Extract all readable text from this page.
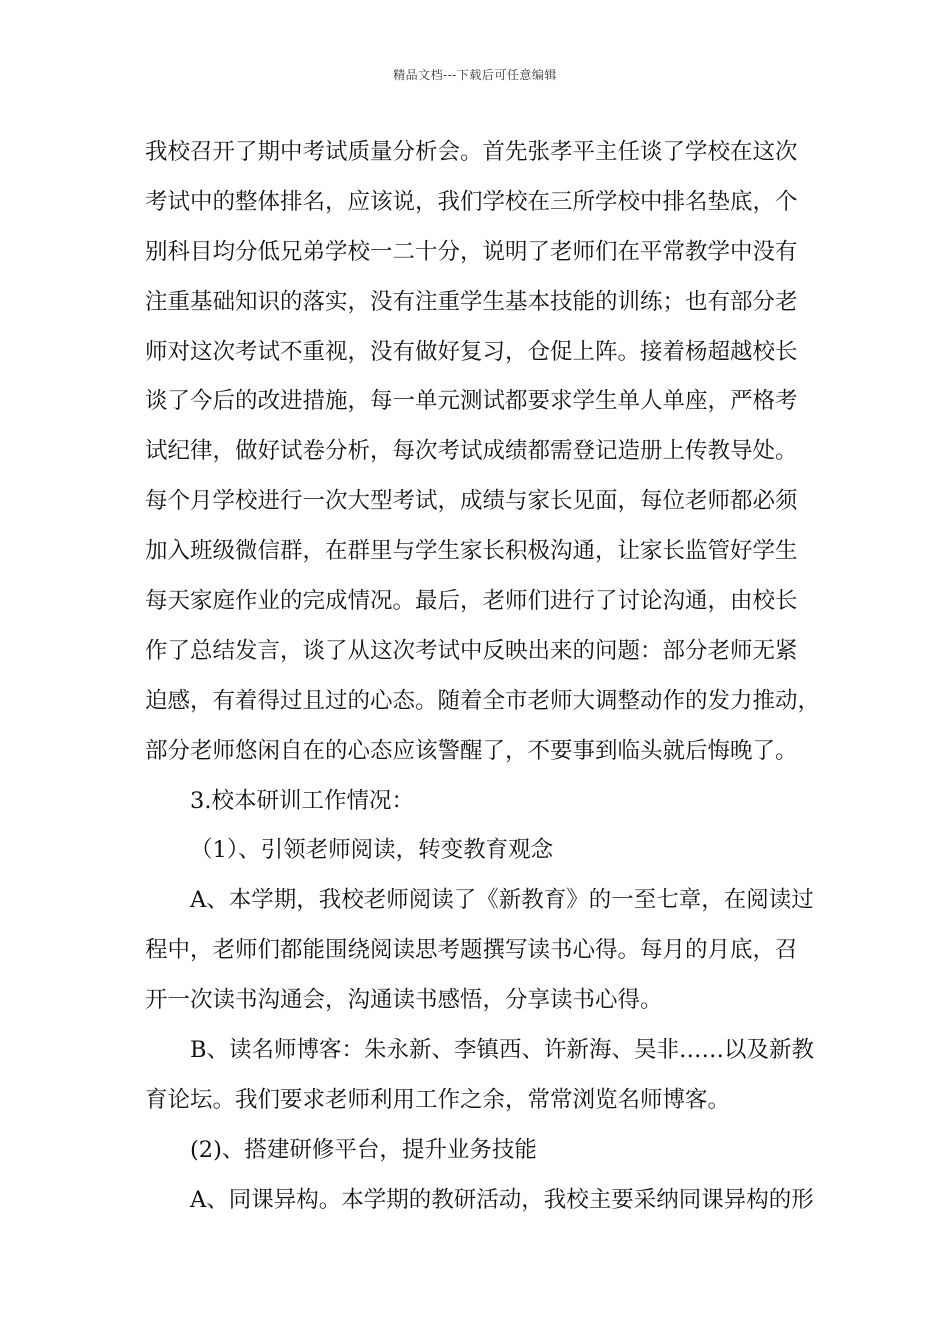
精品文档---下载后可任意编辑
我校召开了期中考试质量分析会。首先张孝平主任谈了学校在这次
考试中的整体排名，应该说，我们学校在三所学校中排名垫底，个
别科目均分低兄弟学校一二十分，说明了老师们在平常教学中没有
注重基础知识的落实，没有注重学生基本技能的训练；也有部分老
师对这次考试不重视，没有做好复习，仓促上阵。接着杨超越校长
谈了今后的改进措施，每一单元测试都要求学生单人单座，严格考
试纪律，做好试卷分析，每次考试成绩都需登记造册上传教导处。
每个月学校进行一次大型考试，成绩与家长见面，每位老师都必须
加入班级微信群，在群里与学生家长积极沟通，让家长监管好学生
每天家庭作业的完成情况。最后，老师们进行了讨论沟通，由校长
作了总结发言，谈了从这次考试中反映出来的问题：部分老师无紧
迫感，有着得过且过的心态。随着全市老师大调整动作的发力推动，
部分老师悠闲自在的心态应该警醒了，不要事到临头就后悔晚了。
3.校本研训工作情况：
（1）、引领老师阅读，转变教育观念
A、本学期，我校老师阅读了《新教育》的一至七章，在阅读过
程中，老师们都能围绕阅读思考题撰写读书心得。每月的月底，召
开一次读书沟通会，沟通读书感悟，分享读书心得。
B、读名师博客：朱永新、李镇西、许新海、吴非……以及新教
育论坛。我们要求老师利用工作之余，常常浏览名师博客。
(2)、搭建研修平台，提升业务技能
A、同课异构。本学期的教研活动，我校主要采纳同课异构的形
